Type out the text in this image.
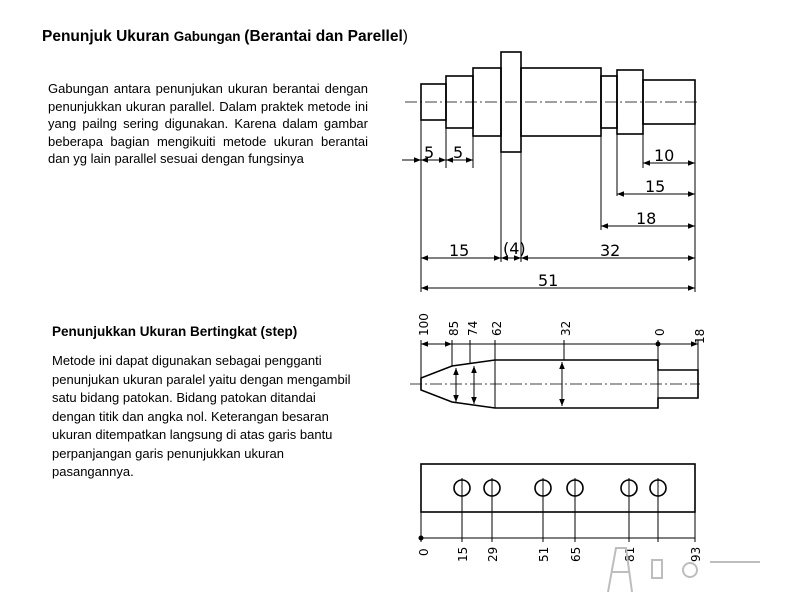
Penunjuk Ukuran Gabungan (Berantai dan Parellel)
Gabungan antara penunjukan ukuran berantai dengan penunjukkan ukuran parallel. Dalam praktek metode ini yang pailng sering digunakan. Karena dalam gambar beberapa bagian mengikuiti metode ukuran berantai dan yg lain parallel sesuai dengan fungsinya
Penunjukkan Ukuran Bertingkat (step)
Metode ini dapat digunakan sebagai pengganti penunjukan ukuran paralel yaitu dengan mengambil satu bidang patokan. Bidang patokan ditandai dengan titik dan angka nol. Keterangan besaran ukuran ditempatkan langsung di atas garis bantu perpanjangan garis penunjukkan ukuran pasangannya.
5 5	10
15
18
15 (4)	32
51
100 85 74 62	32	0 18
0 15 29	51 65	81	93
